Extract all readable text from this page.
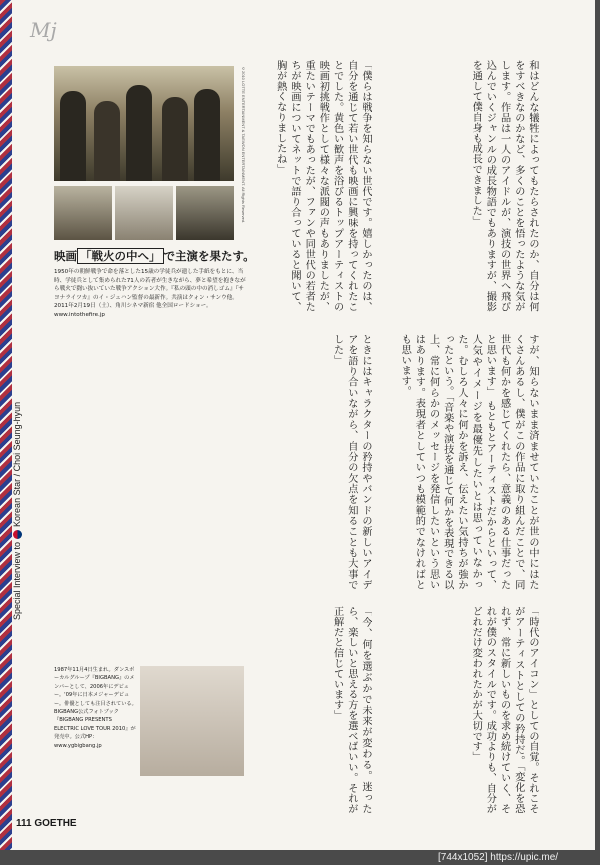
Mj
Special Interview toKorean Star / Choi Seung-hyun
©2010 LOTTE ENTERTAINMENT & TAEWON ENTERTAINMENT. All Rights Reserved.
映画 「戦火の中へ」 で主演を果たす。
1950年の朝鮮戦争で命を落とした15歳の学徒兵が遺した手紙をもとに、当時、学徒兵として集められた71人の若者が生きながら、夢と希望を抱きながら戦火で闘い抜いていた戦争アクション大作。『私の頭の中の消しゴム』『サヨナライツカ』のイ・ジェハン監督の最新作。共演はクォン・サンウ他。2011年2月19日（土）、角川シネマ新宿 他全国ロードショー。 www.intothefire.jp
和はどんな犠牲によってもたらされたのか、自分は何をすべきなのかなど、多くのことを悟ったような気がします。作品は一人のアイドルが、演技の世界へ飛び込んでいくジャンルの成長物語でもありますが、撮影を通して僕自身も成長できました」
「僕らは戦争を知らない世代です。嬉しかったのは、自分を通じて若い世代も映画に興味を持ってくれたことでした。黄色い歓声を浴びるトップアーティストの映画初挑戦作として様々な派閥の声もありましたが、重たいテーマでもあったが、ファンや同世代の若者たちが映画についてネットで語り合っていると聞いて、胸が熱くなりましたね」
すが、知らないまま済ませていたことが世の中にはたくさんあるし、僕がこの作品に取り組んだことで、同世代も何かを感じてくれたら、意義のある仕事だったと思います」 もともとアーティストだからといって、人気やイメージを最優先したいとは思っていなかった。むしろ人々に何かを訴え、伝えたい気持ちが強かったという。「音楽や演技を通じて何かを表現できる以上、常に何らかのメッセージを発信したいという思いはあります。表現者としていつも模範的でなければとも思います。
ときにはキャラクターの矜持やバンドの新しいアイデアを語り合いながら、自分の欠点を知ることも大事でした」
「時代のアイコン」としての自覚。それこそがアーティストとしての矜持だ。「変化を恐れず、常に新しいものを求め続けていく、それが僕のスタイルです。成功よりも、自分がどれだけ変われたかが大切です」
「今、何を選ぶかで未来が変わる。迷ったら、楽しいと思える方を選べばいい。それが正解だと信じています」
1987年11月4日生まれ。ダンスボーカルグループ『BIGBANG』のメンバーとして、2006年にデビュー。'09年に日本メジャーデビュー。俳優としても注目されている。BIGBANG公式フォトブック『BIGBANG PRESENTS ELECTRIC LOVE TOUR 2010』が発売中。公式HP：www.ygbigbang.jp
111 GOETHE
[744x1052] https://upic.me/
